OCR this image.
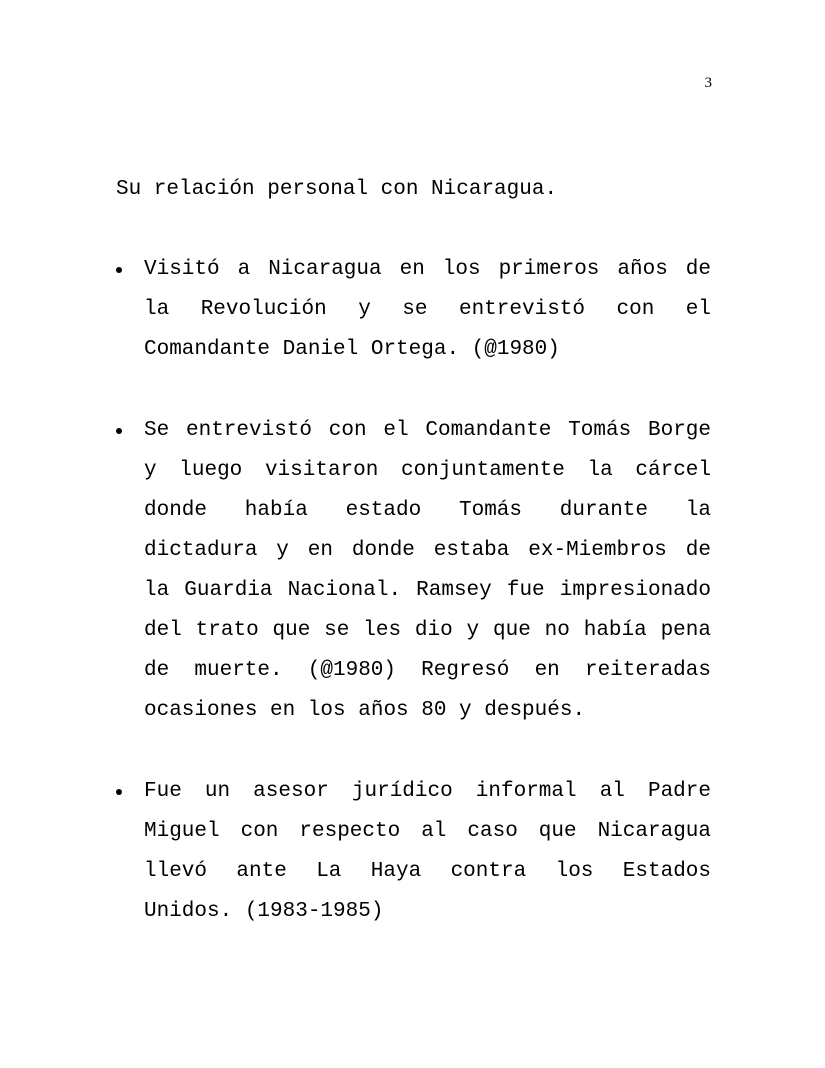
3
Su relación personal con Nicaragua.
Visitó a Nicaragua en los primeros años de la Revolución y se entrevistó con el Comandante Daniel Ortega. (@1980)
Se entrevistó con el Comandante Tomás Borge y luego visitaron conjuntamente la cárcel donde había estado Tomás durante la dictadura y en donde estaba ex-Miembros de la Guardia Nacional. Ramsey fue impresionado del trato que se les dio y que no había pena de muerte. (@1980) Regresó en reiteradas ocasiones en los años 80 y después.
Fue un asesor jurídico informal al Padre Miguel con respecto al caso que Nicaragua llevó ante La Haya contra los Estados Unidos. (1983-1985)
